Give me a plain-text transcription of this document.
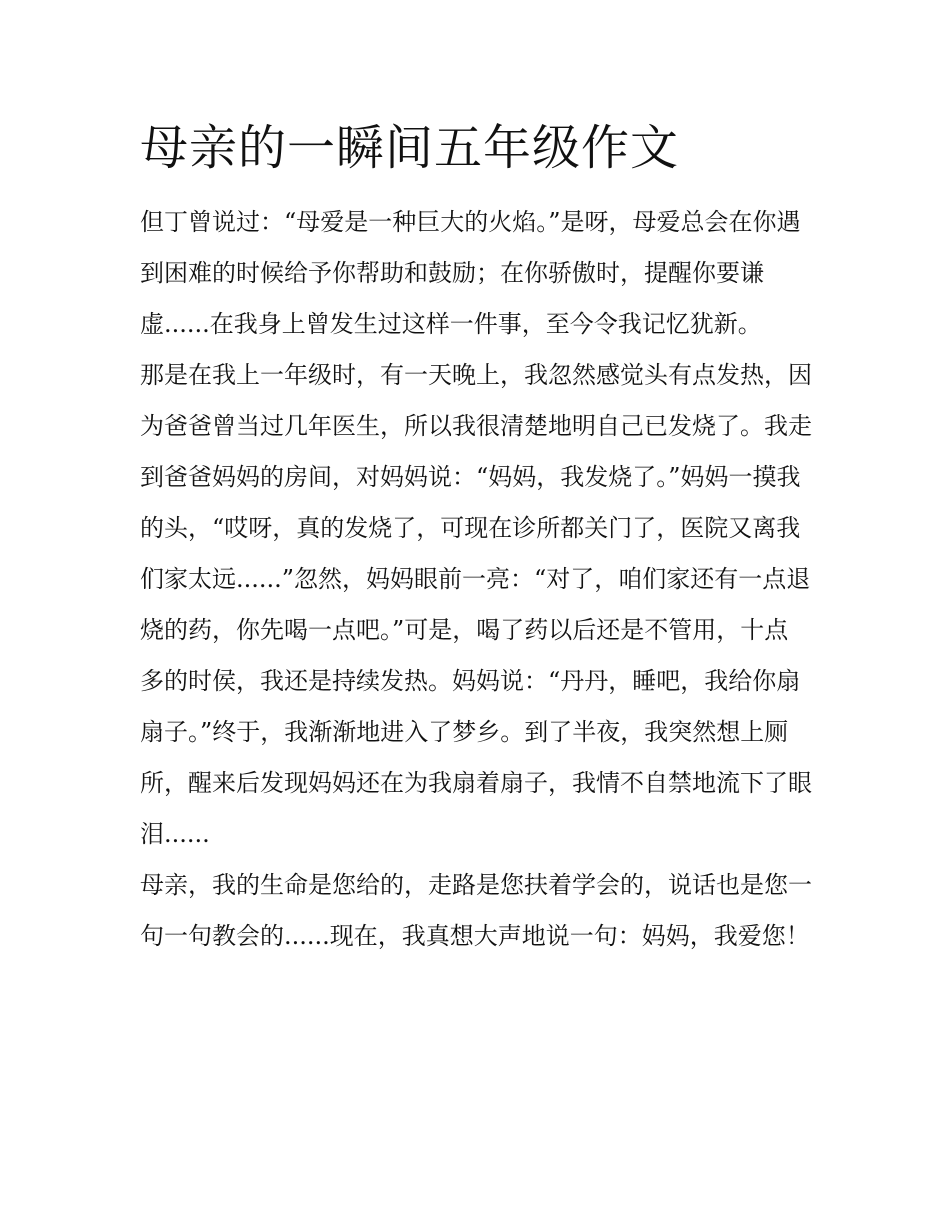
母亲的一瞬间五年级作文

但丁曾说过：“母爱是一种巨大的火焰。”是呀，母爱总会在你遇到困难的时候给予你帮助和鼓励；在你骄傲时，提醒你要谦虚......在我身上曾发生过这样一件事，至今令我记忆犹新。

那是在我上一年级时，有一天晚上，我忽然感觉头有点发热，因为爸爸曾当过几年医生，所以我很清楚地明自己已发烧了。我走到爸爸妈妈的房间，对妈妈说：“妈妈，我发烧了。”妈妈一摸我的头，“哎呀，真的发烧了，可现在诊所都关门了，医院又离我们家太远......”忽然，妈妈眼前一亮：“对了，咱们家还有一点退烧的药，你先喝一点吧。”可是，喝了药以后还是不管用，十点多的时侯，我还是持续发热。妈妈说：“丹丹，睡吧，我给你扇扇子。”终于，我渐渐地进入了梦乡。到了半夜，我突然想上厕所，醒来后发现妈妈还在为我扇着扇子，我情不自禁地流下了眼泪......

母亲，我的生命是您给的，走路是您扶着学会的，说话也是您一句一句教会的......现在，我真想大声地说一句：妈妈，我爱您！
